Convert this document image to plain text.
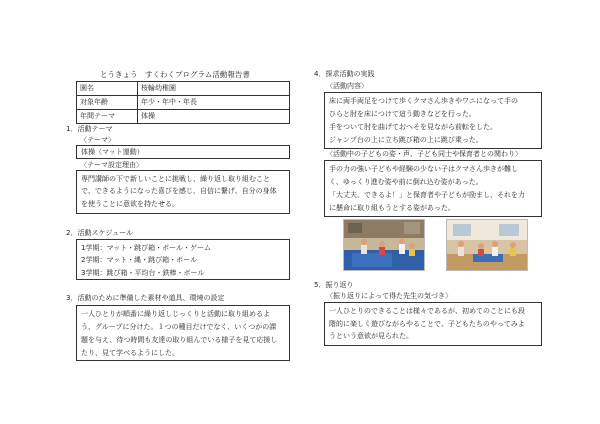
とうきょう　すくわくプログラム活動報告書
園名	桜輪幼稚園
対象年齢	年少・年中・年長
年間テーマ	体操
1．活動テーマ
〈テーマ〉

体操（マット運動）

〈テーマ設定理由〉

専門講師の下で新しいことに挑戦し、繰り返し取り組むこと

で、できるようになった喜びを感じ、自信に繋げ、自分の身体

を使うことに意欲を持たせる。

2．活動スケジュール

1学期：マット・跳び箱・ボール・ゲーム

2学期：マット・縄・跳び箱・ボール

3学期：跳び箱・平均台・鉄棒・ボール

3．活動のために準備した素材や道具、環境の設定

一人ひとりが順番に繰り返しじっくりと活動に取り組めるよ

う、グループに分けた。１つの種目だけでなく、いくつかの課

題を与え、待つ時間も友達の取り組んでいる様子を見て応援し

たり、見て学べるようにした。

4．探求活動の実践
〈活動内容〉

床に両手両足をつけて歩くクマさん歩きやワニになって手の

ひらと肘を床につけて這う動きなどを行った。

手をついて肘を曲げておへそを見ながら前転をした。

ジャンプ台の上に立ち跳び箱の上に跳び乗った。

〈活動中の子どもの姿・声、子ども同士や保育者との関わり〉

手の力の強い子どもや経験の少ない子はクマさん歩きが難し

く、ゆっくり進む姿や前に倒れ込む姿があった。

「大丈夫、できるよ！」と保育者や子どもが励まし、それを力

に懸命に取り組もうとする姿があった。

5．振り返り
〈振り返りによって得た先生の気づき〉

一人ひとりのできることは様々であるが、初めてのことにも段

階的に楽しく遊びながらやることで、子どもたちのやってみよ

うという意欲が見られた。
